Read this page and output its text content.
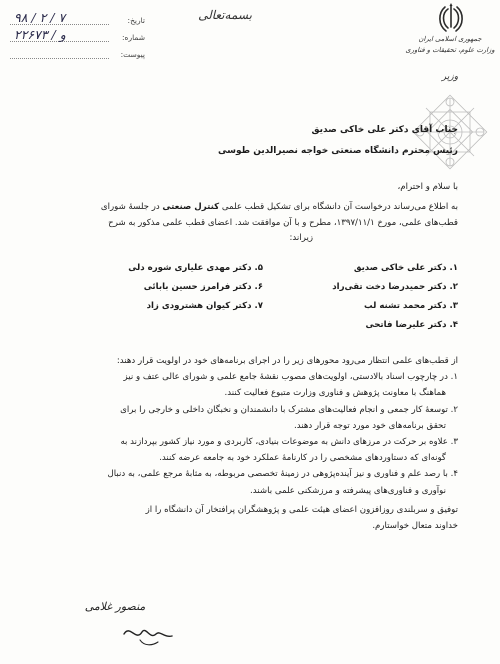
تاریخ:
۹۸ / ۲ / ۷
شماره:
۲۲۶۷۳ / و
پیوست:
بسمه‌تعالی
جمهوری اسلامی ایران
وزارت علوم، تحقیقات و فناوری
وزیر
جناب آقای دکتر علی خاکی صدیق
رئیس محترم دانشگاه صنعتی خواجه نصیرالدین طوسی
با سلام و احترام،
به اطلاع می‌رساند درخواست آن دانشگاه برای تشکیل قطب علمی کنترل صنعتی در جلسهٔ شورای
قطب‌های علمی، مورخ ۱۳۹۷/۱۱/۱، مطرح و با آن موافقت شد. اعضای قطب علمی مذکور به شرح
زیر‌اند:
۱. دکتر علی خاکی صدیق
۲. دکتر حمیدرضا دخت تقی‌راد
۳. دکتر محمد تشنه لب
۴. دکتر علیرضا فاتحی
۵. دکتر مهدی علیاری شوره دلی
۶. دکتر فرامرز حسین بابائی
۷. دکتر کیوان هشترودی زاد
از قطب‌های علمی انتظار می‌رود محورهای زیر را در اجرای برنامه‌های خود در اولویت قرار دهند:
۱. در چارچوب اسناد بالادستی، اولویت‌های مصوب نقشهٔ جامع علمی و شورای عالی عتف و نیز
هماهنگ با معاونت پژوهش و فناوری وزارت متبوع فعالیت کنند.
۲. توسعهٔ کار جمعی و انجام فعالیت‌های مشترک با دانشمندان و نخبگان داخلی و خارجی را برای
تحقق برنامه‌های خود مورد توجه قرار دهند.
۳. علاوه بر حرکت در مرزهای دانش به موضوعات بنیادی، کاربردی و مورد نیاز کشور بپردازند به
گونه‌ای که دستاوردهای مشخصی را در کارنامهٔ عملکرد خود به جامعه عرضه کنند.
۴. با رصد علم و فناوری و نیز آینده‌پژوهی در زمینهٔ تخصصی مربوطه، به مثابهٔ مرجع علمی، به دنبال
نوآوری و فناوری‌های پیشرفته و مرزشکنی علمی باشند.
توفیق و سربلندی روزافزون اعضای هیئت علمی و پژوهشگران پرافتخار آن دانشگاه را از
خداوند متعال خواستارم.
منصور غلامی
